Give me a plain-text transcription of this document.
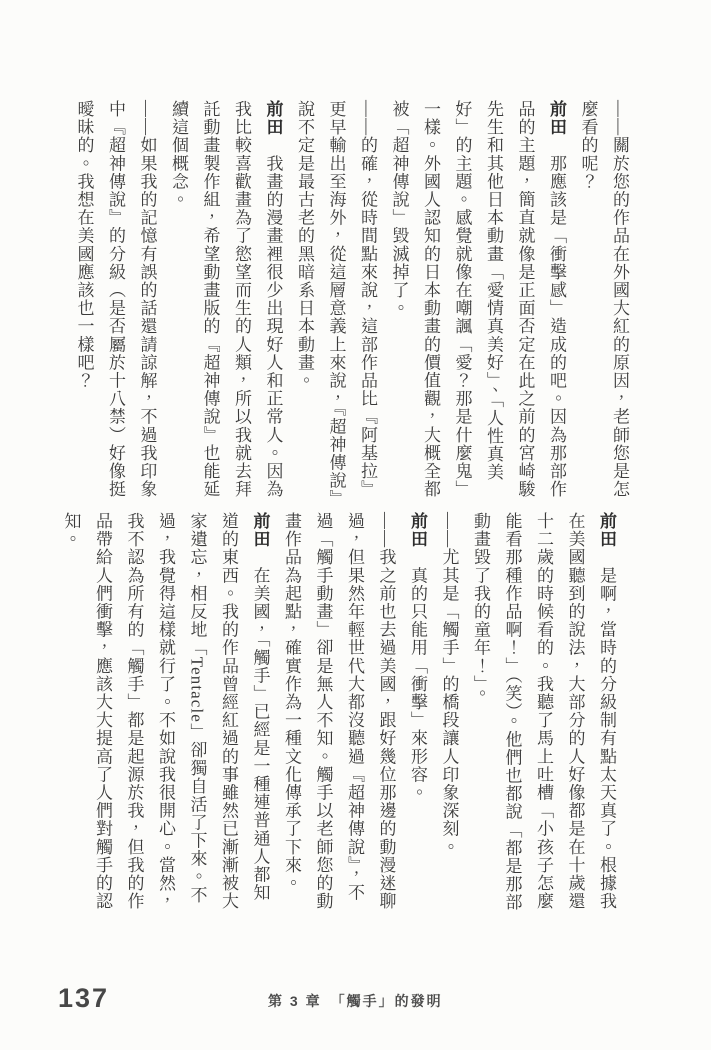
——關於您的作品在外國大紅的原因，老師您是怎麼看的呢？

前田　那應該是「衝擊感」造成的吧。因為那部作品的主題，簡直就像是正面否定在此之前的宮崎駿先生和其他日本動畫「愛情真美好」、「人性真美好」的主題。感覺就像在嘲諷「愛？那是什麼鬼」一樣。外國人認知的日本動畫的價值觀，大概全都被「超神傳說」毀滅掉了。

——的確，從時間點來說，這部作品比『阿基拉』更早輸出至海外，從這層意義上來說，『超神傳說』說不定是最古老的黑暗系日本動畫。

前田　我畫的漫畫裡很少出現好人和正常人。因為我比較喜歡畫為了慾望而生的人類，所以我就去拜託動畫製作組，希望動畫版的『超神傳說』也能延續這個概念。

——如果我的記憶有誤的話還請諒解，不過我印象中『超神傳說』的分級（是否屬於十八禁）好像挺曖昧的。我想在美國應該也一樣吧？

前田　是啊，當時的分級制有點太天真了。根據我在美國聽到的說法，大部分的人好像都是在十歲還十二歲的時候看的。我聽了馬上吐槽「小孩子怎麼能看那種作品啊！」（笑）。他們也都說「都是那部動畫毀了我的童年！」。

——尤其是「觸手」的橋段讓人印象深刻。

前田　真的只能用「衝擊」來形容。

——我之前也去過美國，跟好幾位那邊的動漫迷聊過，但果然年輕世代大都沒聽過『超神傳說』，不過「觸手動畫」卻是無人不知。觸手以老師您的動畫作品為起點，確實作為一種文化傳承了下來。

前田　在美國，「觸手」已經是一種連普通人都知道的東西。我的作品曾經紅過的事雖然已漸漸被大家遺忘，相反地「Tentacle」卻獨自活了下來。不過，我覺得這樣就行了。不如說我很開心。當然，我不認為所有的「觸手」都是起源於我，但我的作品帶給人們衝擊，應該大大提高了人們對觸手的認知。

137	第 3 章　「觸手」的發明
